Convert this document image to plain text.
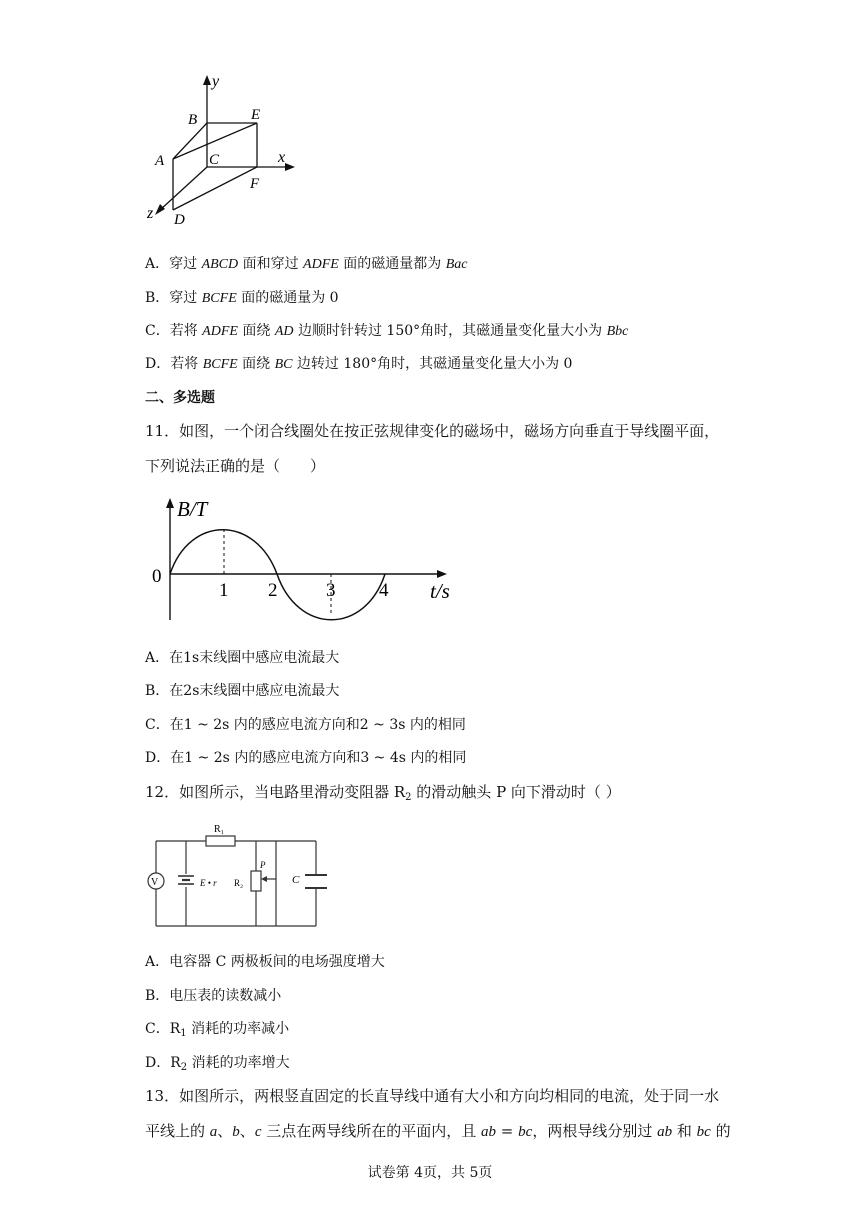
y
B	E
A	C	x
F
z D
A．穿过 ABCD 面和穿过 ADFE 面的磁通量都为 Bac
B．穿过 BCFE 面的磁通量为 0
C．若将 ADFE 面绕 AD 边顺时针转过 150°角时，其磁通量变化量大小为 Bbc
D．若将 BCFE 面绕 BC 边转过 180°角时，其磁通量变化量大小为 0
二、多选题
11．如图，一个闭合线圈处在按正弦规律变化的磁场中，磁场方向垂直于导线圈平面，
下列说法正确的是（　　）
B/T
0
1 2	3 4 t/s
A．在1s末线圈中感应电流最大
B．在2s末线圈中感应电流最大
C．在1 ~ 2s 内的感应电流方向和2 ~ 3s 内的相同
D．在1 ~ 2s 内的感应电流方向和3 ~ 4s 内的相同
12．如图所示，当电路里滑动变阻器 $R_2$ 的滑动触头 P 向下滑动时（ ）
R₁
V	E • r R₂
P
C
A．电容器 C 两极板间的电场强度增大
B．电压表的读数减小
C．$R_1$ 消耗的功率减小
D．$R_2$ 消耗的功率增大
13．如图所示，两根竖直固定的长直导线中通有大小和方向均相同的电流，处于同一水
平线上的 a、b、c 三点在两导线所在的平面内，且 ab = bc，两根导线分别过 ab 和 bc 的
试卷第 4页，共 5页
